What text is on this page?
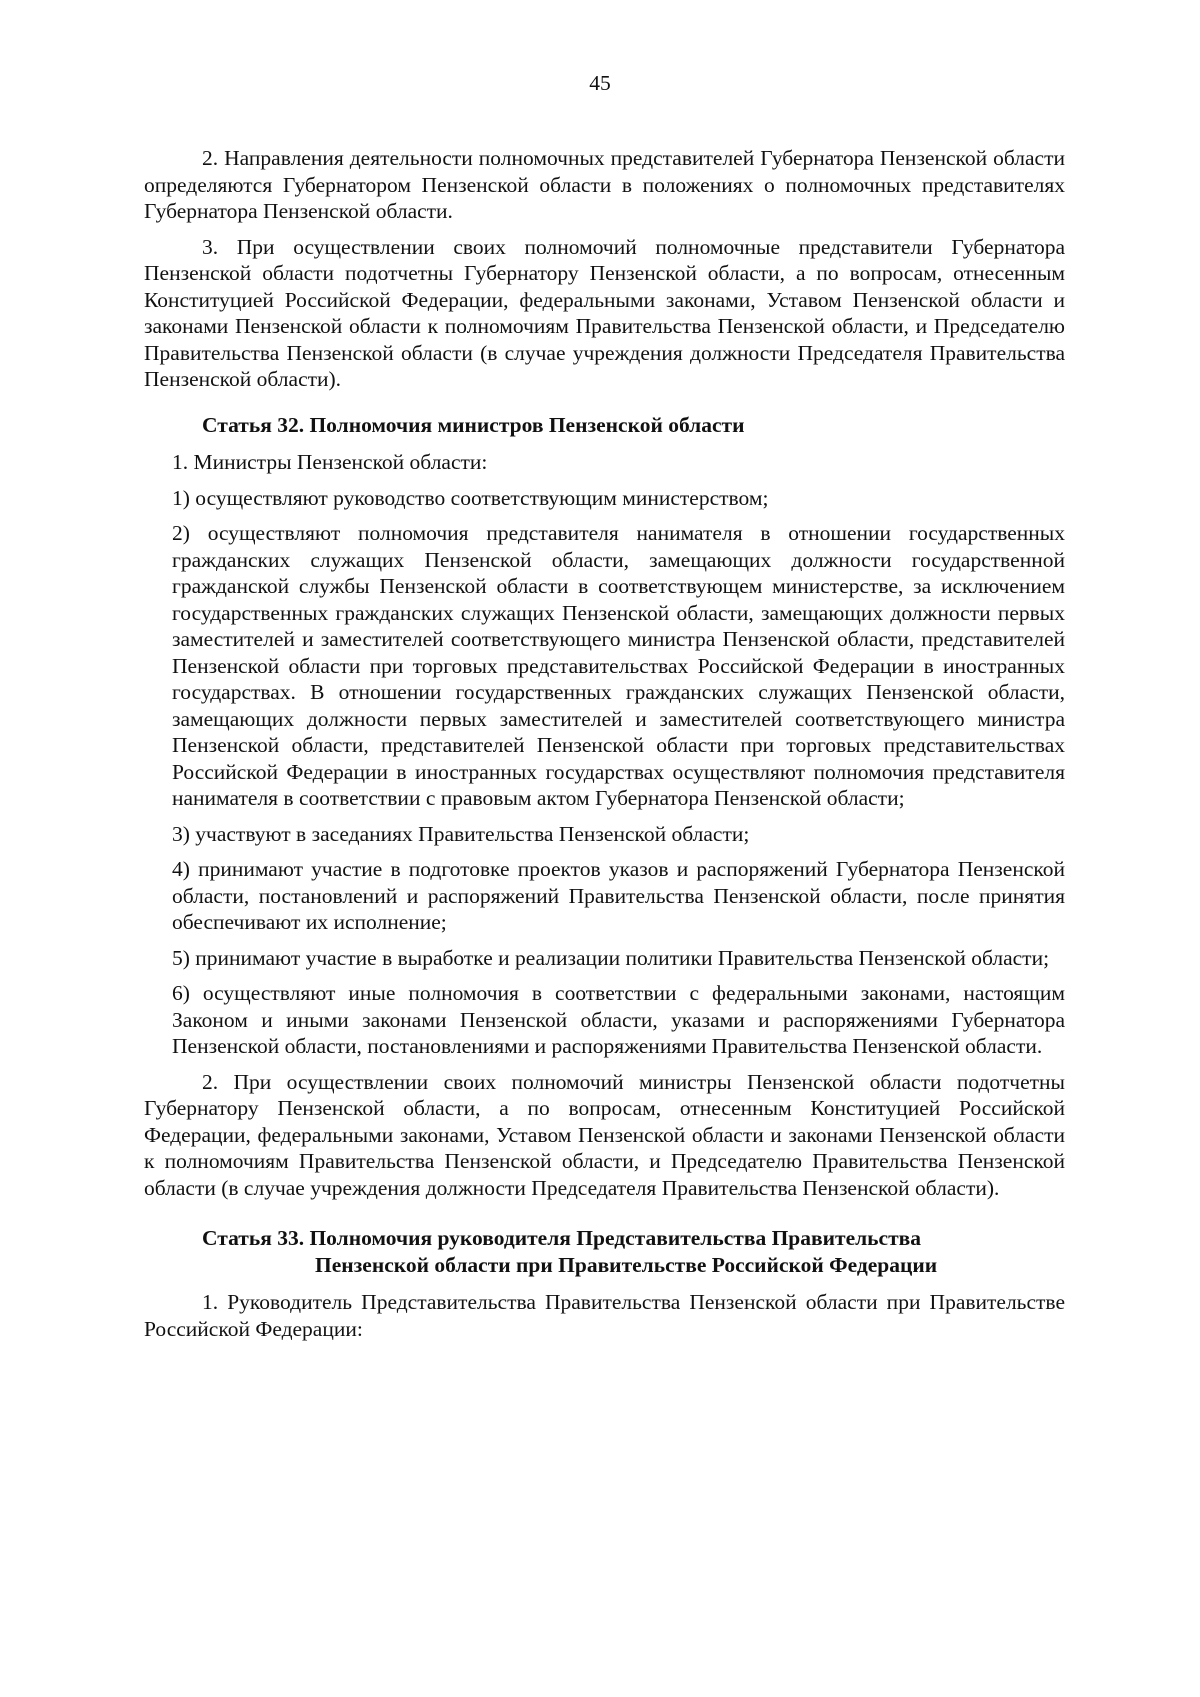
45

2. Направления деятельности полномочных представителей Губернатора Пензенской области определяются Губернатором Пензенской области в положениях о полномочных представителях Губернатора Пензенской области.

3. При осуществлении своих полномочий полномочные представители Губернатора Пензенской области подотчетны Губернатору Пензенской области, а по вопросам, отнесенным Конституцией Российской Федерации, федеральными законами, Уставом Пензенской области и законами Пензенской области к полномочиям Правительства Пензенской области, и Председателю Правительства Пензенской области (в случае учреждения должности Председателя Правительства Пензенской области).

Статья 32. Полномочия министров Пензенской области

1. Министры Пензенской области:

1) осуществляют руководство соответствующим министерством;

2) осуществляют полномочия представителя нанимателя в отношении государственных гражданских служащих Пензенской области, замещающих должности государственной гражданской службы Пензенской области в соответствующем министерстве, за исключением государственных гражданских служащих Пензенской области, замещающих должности первых заместителей и заместителей соответствующего министра Пензенской области, представителей Пензенской области при торговых представительствах Российской Федерации в иностранных государствах. В отношении государственных гражданских служащих Пензенской области, замещающих должности первых заместителей и заместителей соответствующего министра Пензенской области, представителей Пензенской области при торговых представительствах Российской Федерации в иностранных государствах осуществляют полномочия представителя нанимателя в соответствии с правовым актом Губернатора Пензенской области;

3) участвуют в заседаниях Правительства Пензенской области;

4) принимают участие в подготовке проектов указов и распоряжений Губернатора Пензенской области, постановлений и распоряжений Правительства Пензенской области, после принятия обеспечивают их исполнение;

5) принимают участие в выработке и реализации политики Правительства Пензенской области;

6) осуществляют иные полномочия в соответствии с федеральными законами, настоящим Законом и иными законами Пензенской области, указами и распоряжениями Губернатора Пензенской области, постановлениями и распоряжениями Правительства Пензенской области.

2. При осуществлении своих полномочий министры Пензенской области подотчетны Губернатору Пензенской области, а по вопросам, отнесенным Конституцией Российской Федерации, федеральными законами, Уставом Пензенской области и законами Пензенской области к полномочиям Правительства Пензенской области, и Председателю Правительства Пензенской области (в случае учреждения должности Председателя Правительства Пензенской области).

Статья 33. Полномочия руководителя Представительства Правительства
Пензенской области при Правительстве Российской Федерации

1. Руководитель Представительства Правительства Пензенской области при Правительстве Российской Федерации:
